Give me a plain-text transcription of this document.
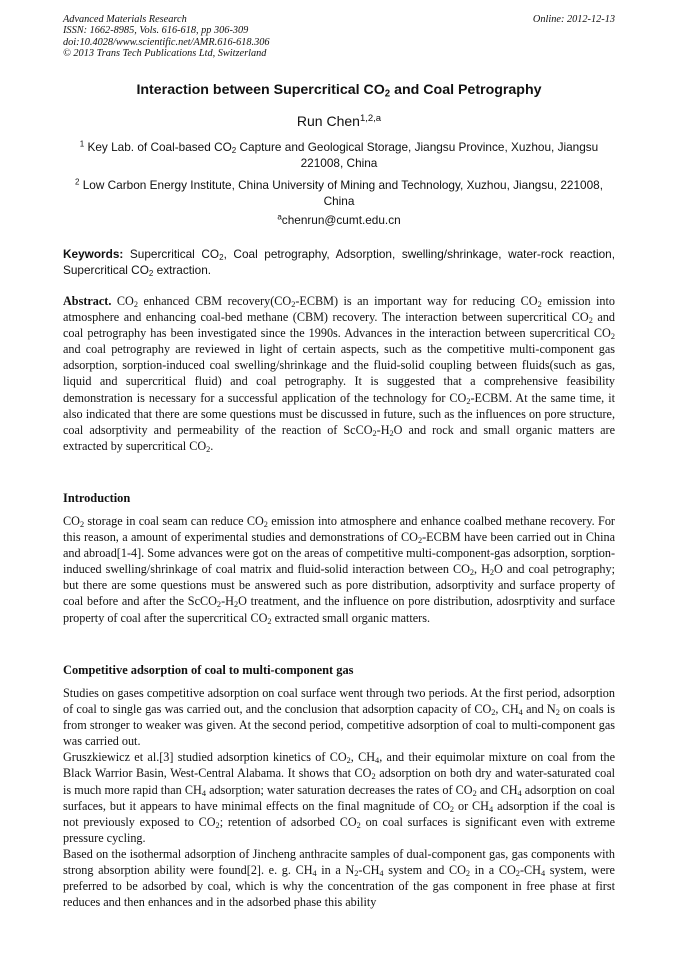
Advanced Materials Research
ISSN: 1662-8985, Vols. 616-618, pp 306-309
doi:10.4028/www.scientific.net/AMR.616-618.306
© 2013 Trans Tech Publications Ltd, Switzerland
Online: 2012-12-13
Interaction between Supercritical $CO_2$ and Coal Petrography
Run Chen$^{1,2,a}$
$^1$ Key Lab. of Coal-based $CO_2$ Capture and Geological Storage, Jiangsu Province, Xuzhou, Jiangsu 221008, China
$^2$ Low Carbon Energy Institute, China University of Mining and Technology, Xuzhou, Jiangsu, 221008, China
$^a$chenrun@cumt.edu.cn
Keywords: Supercritical $CO_2$, Coal petrography, Adsorption, swelling/shrinkage, water-rock reaction, Supercritical $CO_2$ extraction.
Abstract. $CO_2$ enhanced CBM $recovery(CO_2-ECBM)$ is an important way for reducing $CO_2$ emission into atmosphere and enhancing coal-bed methane (CBM) recovery. The interaction between supercritical $CO_2$ and coal petrography has been investigated since the 1990s. Advances in the interaction between supercritical $CO_2$ and coal petrography are reviewed in light of certain aspects, such as the competitive multi-component gas adsorption, sorption-induced coal swelling/shrinkage and the fluid-solid coupling between fluids(such as gas, liquid and supercritical fluid) and coal petrography. It is suggested that a comprehensive feasibility demonstration is necessary for a successful application of the technology for $CO_2$-ECBM. At the same time, it also indicated that there are some questions must be discussed in future, such as the influences on pore structure, coal adsorptivity and permeability of the reaction of $ScCO_2-H_2O$ and rock and small organic matters are extracted by supercritical $CO_2$.
Introduction
$CO_2$ storage in coal seam can reduce $CO_2$ emission into atmosphere and enhance coalbed methane recovery. For this reason, a amount of experimental studies and demonstrations of $CO_2$-ECBM have been carried out in China and abroad[1-4]. Some advances were got on the areas of competitive multi-component-gas adsorption, sorption-induced swelling/shrinkage of coal matrix and fluid-solid interaction between $CO_2$, $H_2O$ and coal petrography; but there are some questions must be answered such as pore distribution, adsorptivity and surface property of coal before and after the $ScCO_2-H_2O$ treatment, and the influence on pore distribution, adosrptivity and surface property of coal after the supercritical $CO_2$ extracted small organic matters.
Competitive adsorption of coal to multi-component gas
Studies on gases competitive adsorption on coal surface went through two periods. At the first period, adsorption of coal to single gas was carried out, and the conclusion that adsorption capacity of $CO_2$, $CH_4$ and $N_2$ on coals is from stronger to weaker was given. At the second period, competitive adsorption of coal to multi-component gas was carried out.
Gruszkiewicz et al.[3] studied adsorption kinetics of $CO_2$, $CH_4$, and their equimolar mixture on coal from the Black Warrior Basin, West-Central Alabama. It shows that $CO_2$ adsorption on both dry and water-saturated coal is much more rapid than $CH_4$ adsorption; water saturation decreases the rates of $CO_2$ and $CH_4$ adsorption on coal surfaces, but it appears to have minimal effects on the final magnitude of $CO_2$ or $CH_4$ adsorption if the coal is not previously exposed to $CO_2$; retention of adsorbed $CO_2$ on coal surfaces is significant even with extreme pressure cycling.
Based on the isothermal adsorption of Jincheng anthracite samples of dual-component gas, gas components with strong absorption ability were found[2]. e. g. $CH_4$ in a $N_2-CH_4$ system and $CO_2$ in a $CO_2-CH_4$ system, were preferred to be adsorbed by coal, which is why the concentration of the gas component in free phase at first reduces and then enhances and in the adsorbed phase this ability
